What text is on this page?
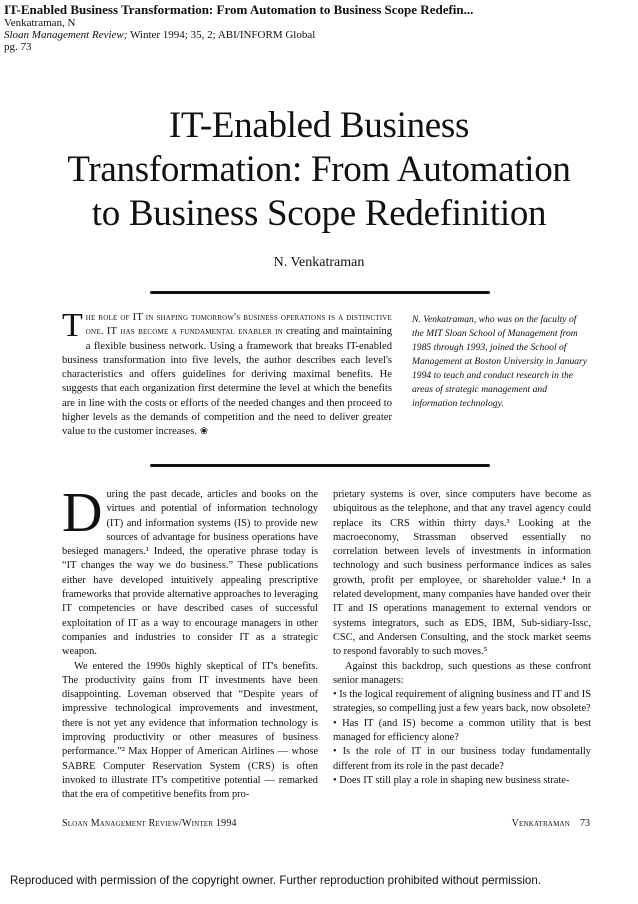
IT-Enabled Business Transformation: From Automation to Business Scope Redefin...
Venkatraman, N
Sloan Management Review; Winter 1994; 35, 2; ABI/INFORM Global
pg. 73
IT-Enabled Business
Transformation: From Automation
to Business Scope Redefinition
N. Venkatraman
T he role of IT in shaping tomorrow's business operations is a distinctive one. IT has become a fundamental enabler in creating and maintaining a flexible business network. Using a framework that breaks IT-enabled business transformation into five levels, the author describes each level's characteristics and offers guidelines for deriving maximal benefits. He suggests that each organization first determine the level at which the benefits are in line with the costs or efforts of the needed changes and then proceed to higher levels as the demands of competition and the need to deliver greater value to the customer increases. ❀
N. Venkatraman, who was on the faculty of the MIT Sloan School of Management from 1985 through 1993, joined the School of Management at Boston University in January 1994 to teach and conduct research in the areas of strategic management and information technology.

During the past decade, articles and books on the virtues and potential of information technology (IT) and information systems (IS) to provide new sources of advantage for business operations have besieged managers.¹ Indeed, the operative phrase today is “IT changes the way we do business.” These publications either have developed intuitively appealing prescriptive frameworks that provide alternative approaches to leveraging IT competencies or have described cases of successful exploitation of IT as a way to encourage managers in other companies and industries to consider IT as a strategic weapon.

We entered the 1990s highly skeptical of IT's benefits. The productivity gains from IT investments have been disappointing. Loveman observed that “Despite years of impressive technological improvements and investment, there is not yet any evidence that information technology is improving productivity or other measures of business performance.”² Max Hopper of American Airlines — whose SABRE Computer Reservation System (CRS) is often invoked to illustrate IT's competitive potential — remarked that the era of competitive benefits from pro-

prietary systems is over, since computers have become as ubiquitous as the telephone, and that any travel agency could replace its CRS within thirty days.³ Looking at the macroeconomy, Strassman observed essentially no correlation between levels of investments in information technology and such business performance indices as sales growth, profit per employee, or shareholder value.⁴ In a related development, many companies have handed over their IT and IS operations management to external vendors or systems integrators, such as EDS, IBM, Sub-sidiary-Issc, CSC, and Andersen Consulting, and the stock market seems to respond favorably to such moves.⁵

Against this backdrop, such questions as these confront senior managers:

• Is the logical requirement of aligning business and IT and IS strategies, so compelling just a few years back, now obsolete?

• Has IT (and IS) become a common utility that is best managed for efficiency alone?

• Is the role of IT in our business today fundamentally different from its role in the past decade?

• Does IT still play a role in shaping new business strate-

Sloan Management Review/Winter 1994	Venkatraman 73
Reproduced with permission of the copyright owner. Further reproduction prohibited without permission.
